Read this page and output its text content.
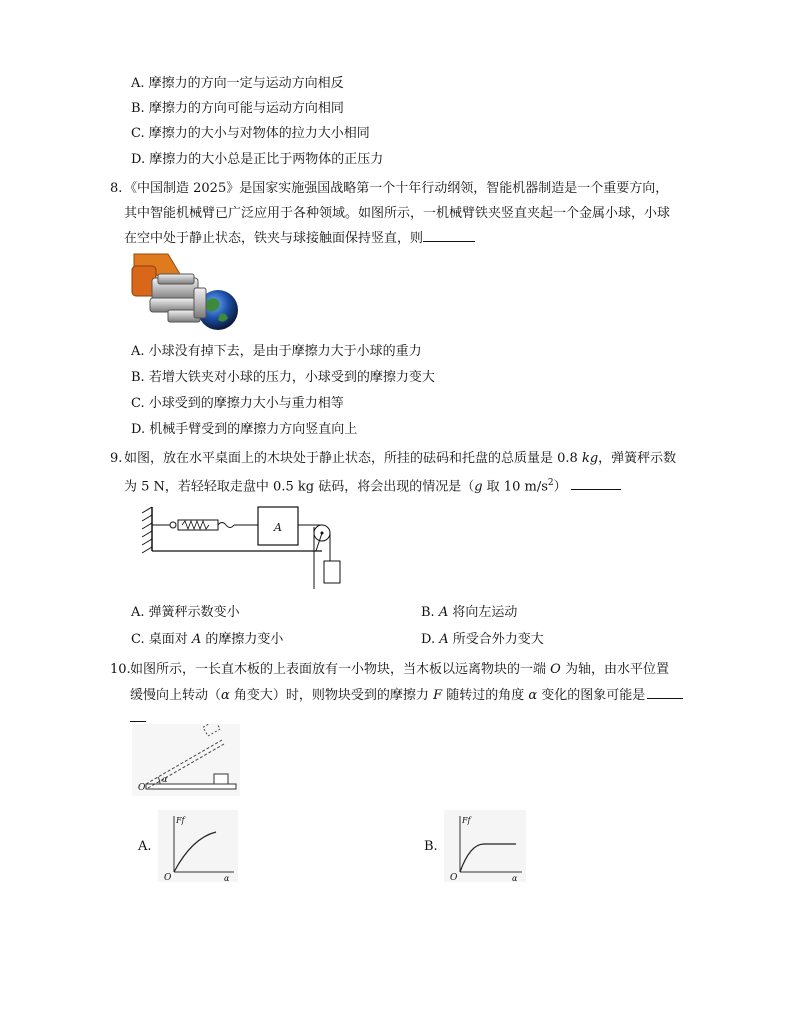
A. 摩擦力的方向一定与运动方向相反
B. 摩擦力的方向可能与运动方向相同
C. 摩擦力的大小与对物体的拉力大小相同
D. 摩擦力的大小总是正比于两物体的正压力
8. 《中国制造 2025》是国家实施强国战略第一个十年行动纲领，智能机器制造是一个重要方向，
其中智能机械臂已广泛应用于各种领域。如图所示，一机械臂铁夹竖直夹起一个金属小球，小球
在空中处于静止状态，铁夹与球接触面保持竖直，则
A. 小球没有掉下去，是由于摩擦力大于小球的重力
B. 若增大铁夹对小球的压力，小球受到的摩擦力变大
C. 小球受到的摩擦力大小与重力相等
D. 机械手臂受到的摩擦力方向竖直向上
9. 如图，放在水平桌面上的木块处于静止状态，所挂的砝码和托盘的总质量是 0.8 kg，弹簧秤示数
为 5 N，若轻轻取走盘中 0.5 kg 砝码，将会出现的情况是（g 取 10 $m/s^2$）
A
A. 弹簧秤示数变小	B. A 将向左运动
C. 桌面对 A 的摩擦力变小	D. A 所受合外力变大
10. 如图所示，一长直木板的上表面放有一小物块，当木板以远离物块的一端 O 为轴，由水平位置
缓慢向上转动（α 角变大）时，则物块受到的摩擦力 F 随转过的角度 α 变化的图象可能是
O
α
A.
Ff
O	α
B.
Ff
O	α
